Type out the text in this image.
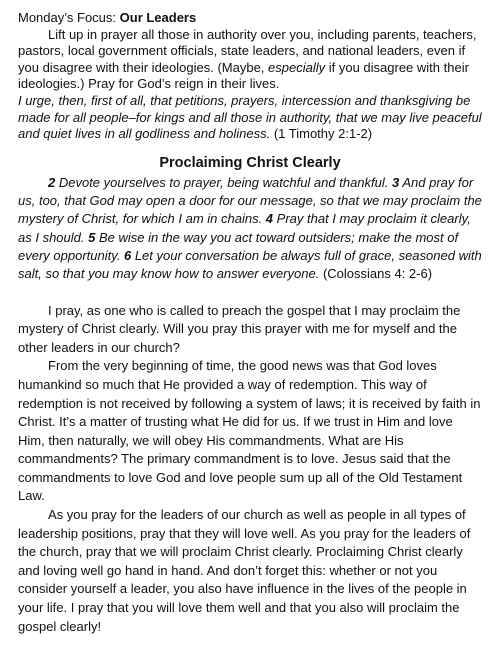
Monday’s Focus: Our Leaders

Lift up in prayer all those in authority over you, including parents, teachers, pastors, local government officials, state leaders, and national leaders, even if you disagree with their ideologies. (Maybe, especially if you disagree with their ideologies.) Pray for God’s reign in their lives.

I urge, then, first of all, that petitions, prayers, intercession and thanksgiving be made for all people–for kings and all those in authority, that we may live peaceful and quiet lives in all godliness and holiness. (1 Timothy 2:1-2)

Proclaiming Christ Clearly

2 Devote yourselves to prayer, being watchful and thankful. 3 And pray for us, too, that God may open a door for our message, so that we may proclaim the mystery of Christ, for which I am in chains. 4 Pray that I may proclaim it clearly, as I should. 5 Be wise in the way you act toward outsiders; make the most of every opportunity. 6 Let your conversation be always full of grace, seasoned with salt, so that you may know how to answer everyone. (Colossians 4: 2-6)

I pray, as one who is called to preach the gospel that I may proclaim the mystery of Christ clearly. Will you pray this prayer with me for myself and the other leaders in our church?

From the very beginning of time, the good news was that God loves humankind so much that He provided a way of redemption. This way of redemption is not received by following a system of laws; it is received by faith in Christ. It’s a matter of trusting what He did for us. If we trust in Him and love Him, then naturally, we will obey His commandments. What are His commandments? The primary commandment is to love. Jesus said that the commandments to love God and love people sum up all of the Old Testament Law.

As you pray for the leaders of our church as well as people in all types of leadership positions, pray that they will love well. As you pray for the leaders of the church, pray that we will proclaim Christ clearly. Proclaiming Christ clearly and loving well go hand in hand. And don’t forget this: whether or not you consider yourself a leader, you also have influence in the lives of the people in your life. I pray that you will love them well and that you also will proclaim the gospel clearly!
